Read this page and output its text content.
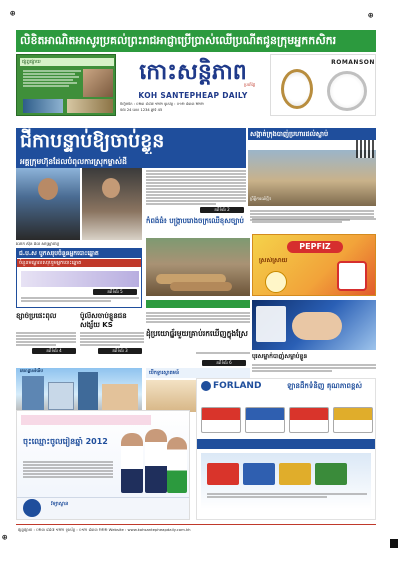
⊕	⊕
⊕
លិខិតអាណិតអាសូរប្រគល់ព្រះរាជអាជ្ញាប្រើប្រាស់ឈើប្រណីតជូនក្រុមអ្នកកសិករ
ផ្សព្វផ្សាយ	កោះសន្តិភាព
ប្រចាំថ្ងៃ
KOH SANTEPHEAP DAILY
ចិញ្ចឹមទឹក : ០២៣ ៨៨៧ ១២២ ទូរស័ព្ទ : ០១២ ៨៣៣ ២២២
ទំព័រ 24 លេខ 1234 ឆ្នាំទី 45
ROMANSON
ជីកាបន្ទាប់ឱ្យចាប់ខ្លួន
អគ្គក្រុមហ៊ុនដែលបំពុលការស្រុកម្ចាស់ដី
សង្កាត់ក្រុងបាញ់ប្រហារដល់ស្លាប់
ព្រឹត្តិការណ៍ថ្មីៗ
លោក ស៊ុន ផល សាស្ត្រាចារ្យ
តពីទំព័រ 2
កំពង់ធំ៖ បង្ក្រាបរោងចក្រឈើខុសច្បាប់
PEPFIZ
ស្រស់ស្រាយ
ជ.ប.ស បូកសរុបចំនួនអ្នកបោះឆ្នោត
ចំនួនមណ្ឌលសរុបរួមអ្នកបោះឆ្នោត
តពីទំព័រ 5
ខ្សាច់ប្រផេះពុល
តពីទំព័រ 4
ប៉ូលិសចាប់ខ្លួនជនសង្ស័យ KS
តពីទំព័រ 3
ដុំប្រយោធ្ន័រមួយគ្រាប់រកឃើញក្នុងស្រែ
តពីទំព័រ 6
បុរសម្នាក់បាញ់សម្លាប់ខ្លួន
គេហដ្ឋានទំនើប	បើកទ្វារស្វាគមន៍
ចុះឈ្មោះចូលរៀនឆ្នាំ 2012
វិទ្យាស្ថាន
FORLAND	ឡានដឹកទំនិញ គុណភាពខ្ពស់
ផ្សព្វផ្សាយ : ០២៣ ៨៨៧ ១២២ ទូរស័ព្ទ : ០១២ ៨៣៣ ២២២ Website : www.kohsantepheapdaily.com.kh
